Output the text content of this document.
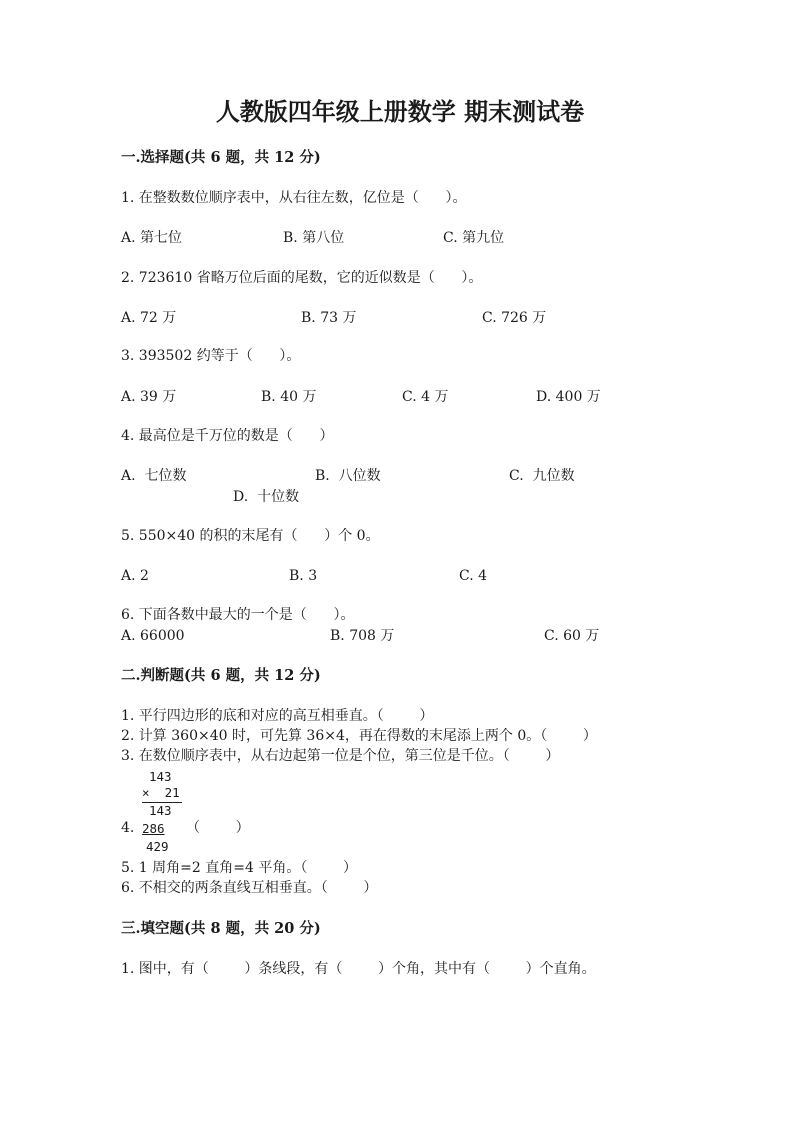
人教版四年级上册数学 期末测试卷
一.选择题(共 6 题，共 12 分)
1. 在整数数位顺序表中，从右往左数，亿位是（      ）。
A. 第七位	B. 第八位	C. 第九位
2. 723610 省略万位后面的尾数，它的近似数是（      ）。
A. 72 万	B. 73 万	C. 726 万
3. 393502 约等于（      ）。
A. 39 万	B. 40 万	C. 4 万	D. 400 万
4. 最高位是千万位的数是（      ）
A.  七位数	B.  八位数	C.  九位数
D.  十位数
5. 550×40 的积的末尾有（      ）个 0。
A. 2	B. 3	C. 4
6. 下面各数中最大的一个是（      ）。
A. 66000	B. 708 万	C. 60 万
二.判断题(共 6 题，共 12 分)
1. 平行四边形的底和对应的高互相垂直。（        ）
2. 计算 360×40 时，可先算 36×4，再在得数的末尾添上两个 0。（        ）
3. 在数位顺序表中，从右边起第一位是个位，第三位是千位。（        ）
143
×  21
143
286
429
4.	（        ）
5. 1 周角=2 直角=4 平角。（        ）
6. 不相交的两条直线互相垂直。（        ）
三.填空题(共 8 题，共 20 分)
1. 图中，有（        ）条线段，有（        ）个角，其中有（        ）个直角。
